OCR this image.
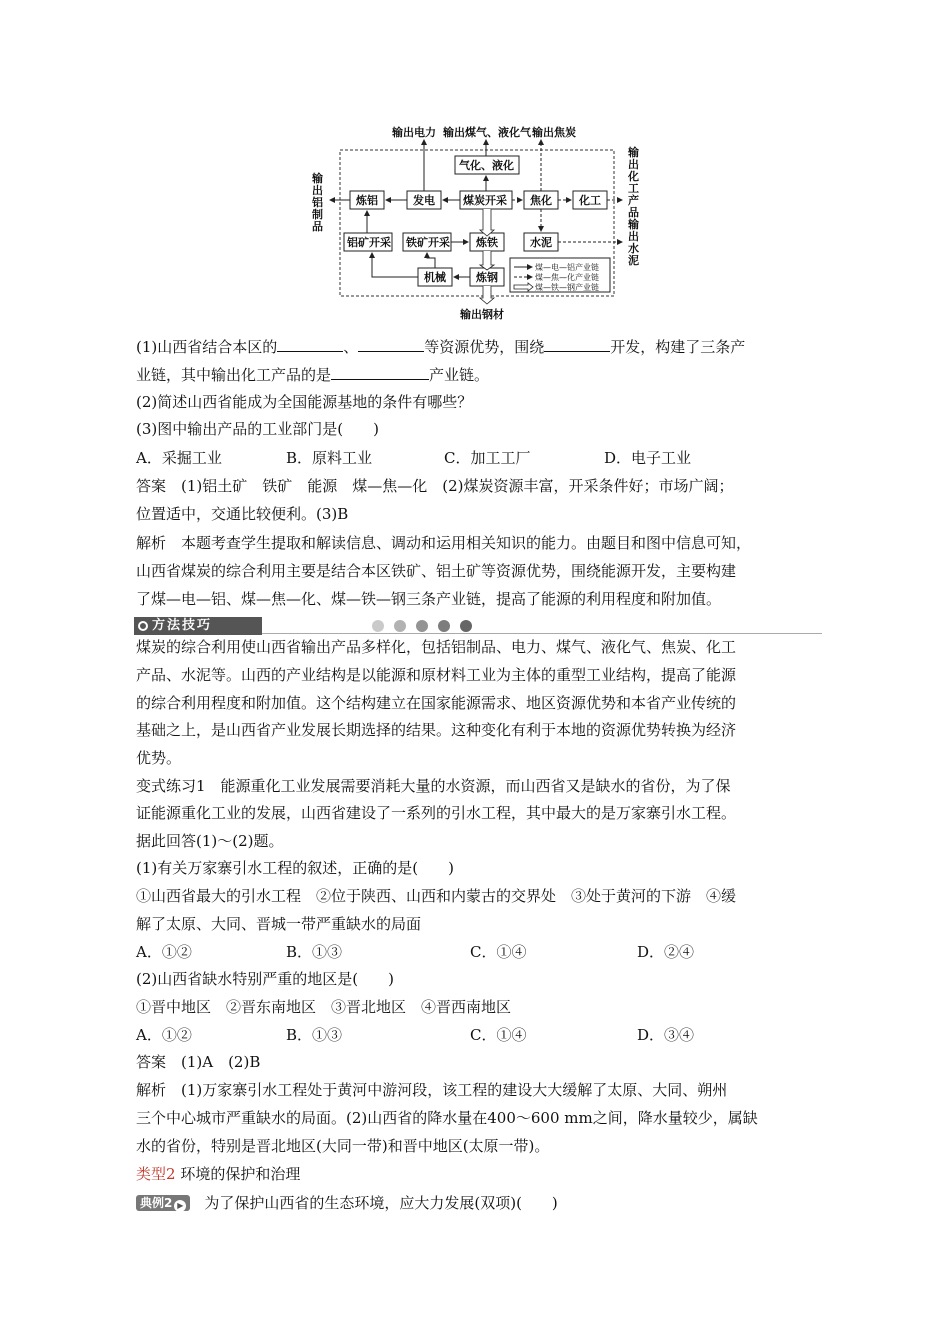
输出电力 输出煤气、液化气 输出焦炭
输出铝制品
输出化工产品
输出水泥
气化、液化
炼铝	发电	煤炭开采 焦化 化工
铝矿开采 铁矿开采 炼铁	水泥
机械	炼钢
煤—电—铝产业链
煤—焦—化产业链
煤—铁—钢产业链
输出钢材
(1)山西省结合本区的	、	等资源优势，围绕	开发，构建了三条产
业链，其中输出化工产品的是	产业链。
(2)简述山西省能成为全国能源基地的条件有哪些？
(3)图中输出产品的工业部门是(　　)
A．采掘工业	B．原料工业	C．加工工厂	D．电子工业
答案　(1)铝土矿　铁矿　能源　煤—焦—化　(2)煤炭资源丰富，开采条件好；市场广阔；
位置适中，交通比较便利。(3)B
解析　本题考查学生提取和解读信息、调动和运用相关知识的能力。由题目和图中信息可知，
山西省煤炭的综合利用主要是结合本区铁矿、铝土矿等资源优势，围绕能源开发，主要构建
了煤—电—铝、煤—焦—化、煤—铁—钢三条产业链，提高了能源的利用程度和附加值。
方法技巧
煤炭的综合利用使山西省输出产品多样化，包括铝制品、电力、煤气、液化气、焦炭、化工
产品、水泥等。山西的产业结构是以能源和原材料工业为主体的重型工业结构，提高了能源
的综合利用程度和附加值。这个结构建立在国家能源需求、地区资源优势和本省产业传统的
基础之上，是山西省产业发展长期选择的结果。这种变化有利于本地的资源优势转换为经济
优势。
变式练习1　能源重化工业发展需要消耗大量的水资源，而山西省又是缺水的省份，为了保
证能源重化工业的发展，山西省建设了一系列的引水工程，其中最大的是万家寨引水工程。
据此回答(1)～(2)题。
(1)有关万家寨引水工程的叙述，正确的是(　　)
①山西省最大的引水工程　②位于陕西、山西和内蒙古的交界处　③处于黄河的下游　④缓
解了太原、大同、晋城一带严重缺水的局面
A．①②	B．①③	C．①④	D．②④
(2)山西省缺水特别严重的地区是(　　)
①晋中地区　②晋东南地区　③晋北地区　④晋西南地区
A．①②	B．①③	C．①④	D．③④
答案　(1)A　(2)B
解析　(1)万家寨引水工程处于黄河中游河段，该工程的建设大大缓解了太原、大同、朔州
三个中心城市严重缺水的局面。(2)山西省的降水量在400～600 mm之间，降水量较少，属缺
水的省份，特别是晋北地区(大同一带)和晋中地区(太原一带)。
类型2 环境的保护和治理
典例2 ▶ 为了保护山西省的生态环境，应大力发展(双项)(　　)
